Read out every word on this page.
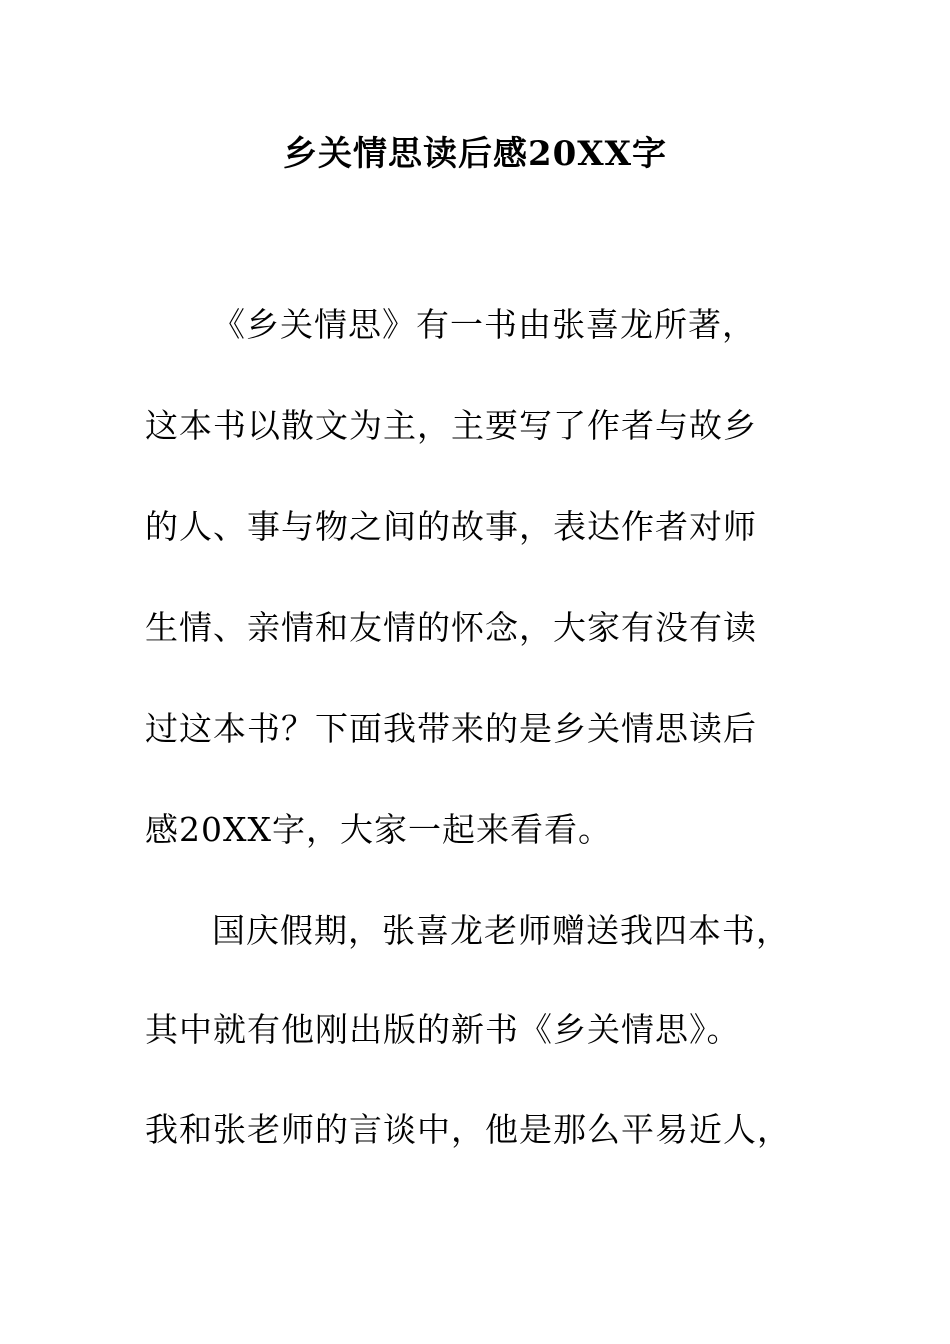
乡关情思读后感20XX字
《乡关情思》有一书由张喜龙所著，
这本书以散文为主，主要写了作者与故乡
的人、事与物之间的故事，表达作者对师
生情、亲情和友情的怀念，大家有没有读
过这本书？下面我带来的是乡关情思读后
感20XX字，大家一起来看看。
国庆假期，张喜龙老师赠送我四本书，
其中就有他刚出版的新书《乡关情思》。
我和张老师的言谈中，他是那么平易近人，
